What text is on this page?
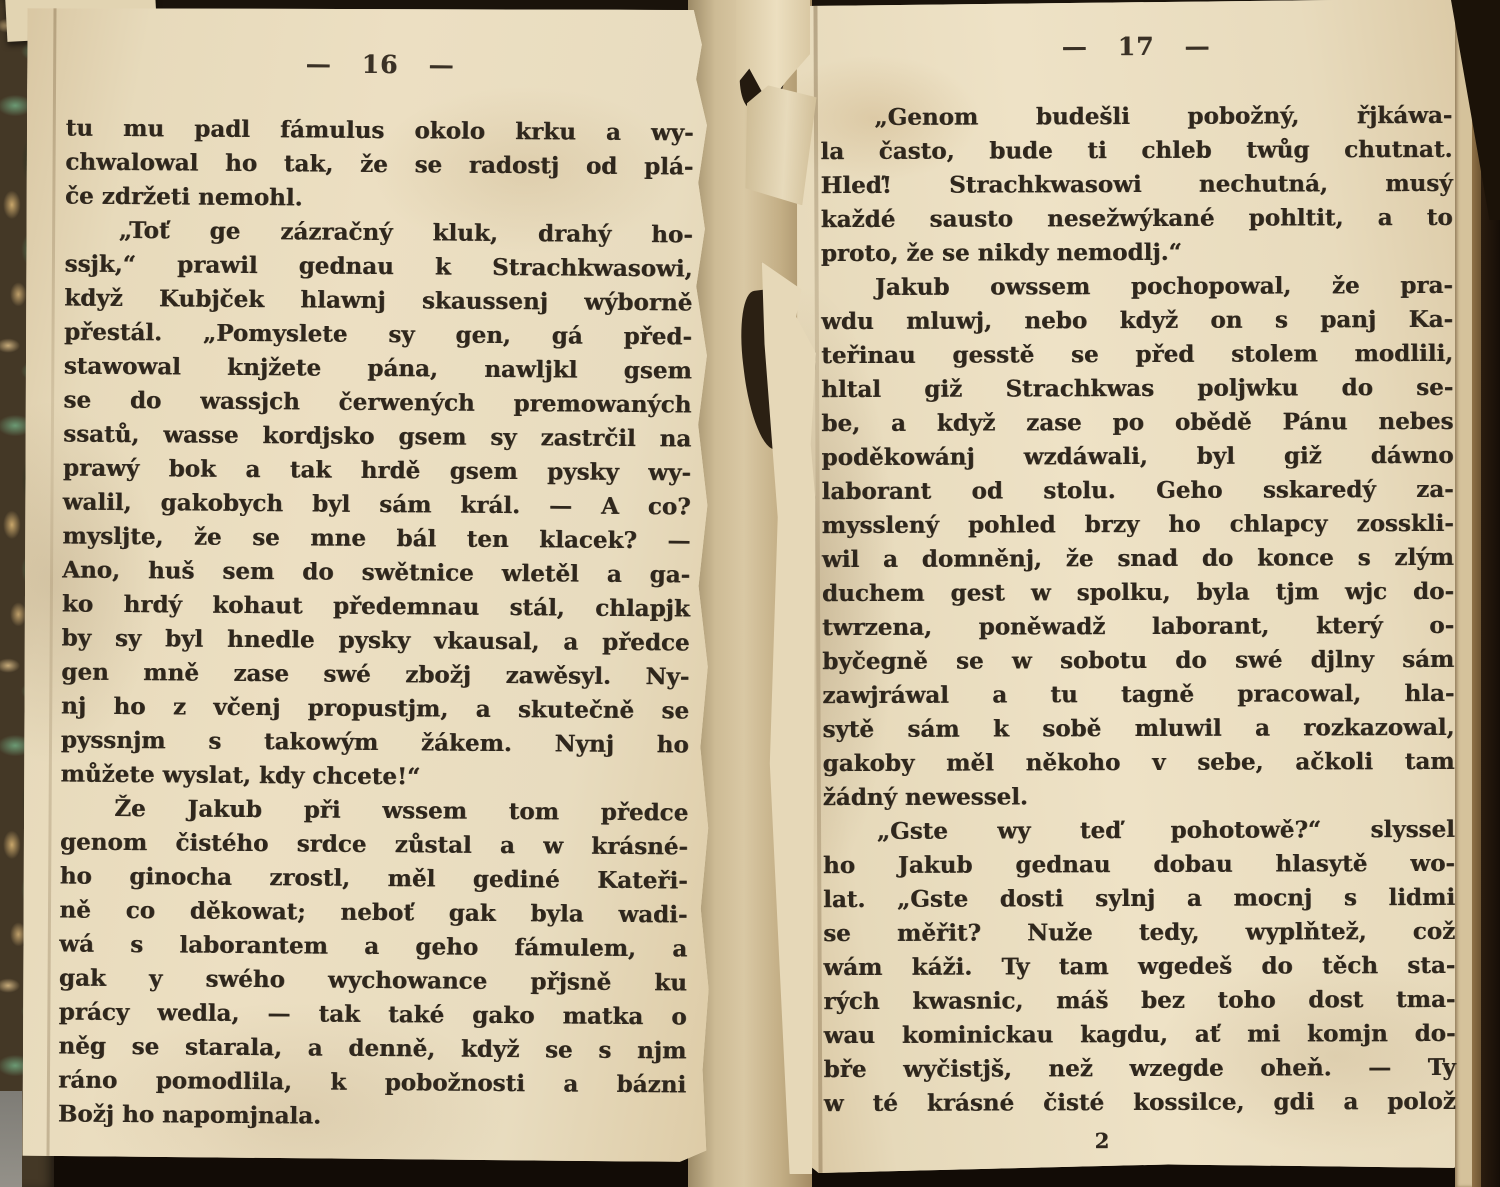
— 16 —
tu mu padl fámulus okolo krku a wy-
chwalowal ho tak, že se radostj od plá-
če zdržeti nemohl.
„Toť ge zázračný kluk, drahý ho-
ssjk,“ prawil gednau k Strachkwasowi,
když Kubjček hlawnj skaussenj wýborně
přestál. „Pomyslete sy gen, gá před-
stawowal knjžete pána, nawljkl gsem
se do wassjch čerwených premowaných
ssatů, wasse kordjsko gsem sy zastrčil na
prawý bok a tak hrdě gsem pysky wy-
walil, gakobych byl sám král. — A co?
mysljte, že se mne bál ten klacek? —
Ano, huš sem do swětnice wletěl a ga-
ko hrdý kohaut předemnau stál, chlapjk
by sy byl hnedle pysky vkausal, a předce
gen mně zase swé zbožj zawěsyl. Ny-
nj ho z včenj propustjm, a skutečně se
pyssnjm s takowým žákem. Nynj ho
můžete wyslat, kdy chcete!“
Že Jakub při wssem tom předce
genom čistého srdce zůstal a w krásné-
ho ginocha zrostl, měl gediné Kateři-
ně co děkowat; neboť gak byla wadi-
wá s laborantem a geho fámulem, a
gak y swého wychowance přjsně ku
prácy wedla, — tak také gako matka o
něg se starala, a denně, když se s njm
ráno pomodlila, k pobožnosti a bázni
Božj ho napomjnala.
— 17 —
„Genom budešli pobožný, řjkáwa-
la často, bude ti chleb twůg chutnat.
Hleď! Strachkwasowi nechutná, musý
každé sausto nesežwýkané pohltit, a to
proto, že se nikdy nemodlj.“
Jakub owssem pochopowal, že pra-
wdu mluwj, nebo když on s panj Ka-
teřinau gesstě se před stolem modlili,
hltal giž Strachkwas poljwku do se-
be, a když zase po obědě Pánu nebes
poděkowánj wzdáwali, byl giž dáwno
laborant od stolu. Geho sskaredý za-
mysslený pohled brzy ho chlapcy zosskli-
wil a domněnj, že snad do konce s zlým
duchem gest w spolku, byla tjm wjc do-
twrzena, poněwadž laborant, který o-
byčegně se w sobotu do swé djlny sám
zawjráwal a tu tagně pracowal, hla-
sytě sám k sobě mluwil a rozkazowal,
gakoby měl někoho v sebe, ačkoli tam
žádný newessel.
„Gste wy teď pohotowě?“ slyssel
ho Jakub gednau dobau hlasytě wo-
lat. „Gste dosti sylnj a mocnj s lidmi
se měřit? Nuže tedy, wyplňtež, což
wám káži. Ty tam wgedeš do těch sta-
rých kwasnic, máš bez toho dost tma-
wau kominickau kagdu, ať mi komjn do-
bře wyčistjš, než wzegde oheň. — Ty
w té krásné čisté kossilce, gdi a polož
2
